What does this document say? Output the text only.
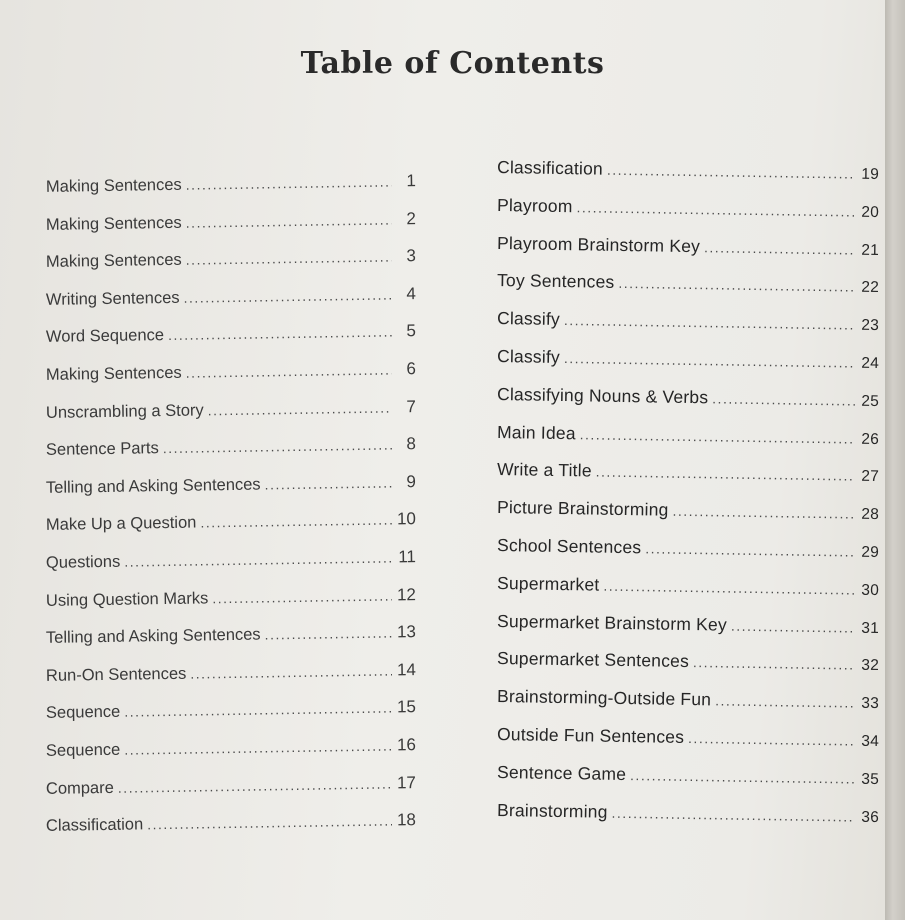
Table of Contents
Making Sentences .....	1
Making Sentences .....	2
Making Sentences .....	3
Writing Sentences .....	4
Word Sequence .....	5
Making Sentences .....	6
Unscrambling a Story .....	7
Sentence Parts .....	8
Telling and Asking Sentences .....	9
Make Up a Question .....	10
Questions .....	11
Using Question Marks .....	12
Telling and Asking Sentences .....	13
Run-On Sentences .....	14
Sequence .....	15
Sequence .....	16
Compare .....	17
Classification .....	18
Classification .....	19
Playroom .....	20
Playroom Brainstorm Key .....	21
Toy Sentences .....	22
Classify .....	23
Classify .....	24
Classifying Nouns & Verbs .....	25
Main Idea .....	26
Write a Title .....	27
Picture Brainstorming .....	28
School Sentences .....	29
Supermarket .....	30
Supermarket Brainstorm Key .....	31
Supermarket Sentences .....	32
Brainstorming-Outside Fun .....	33
Outside Fun Sentences .....	34
Sentence Game .....	35
Brainstorming .....	36
